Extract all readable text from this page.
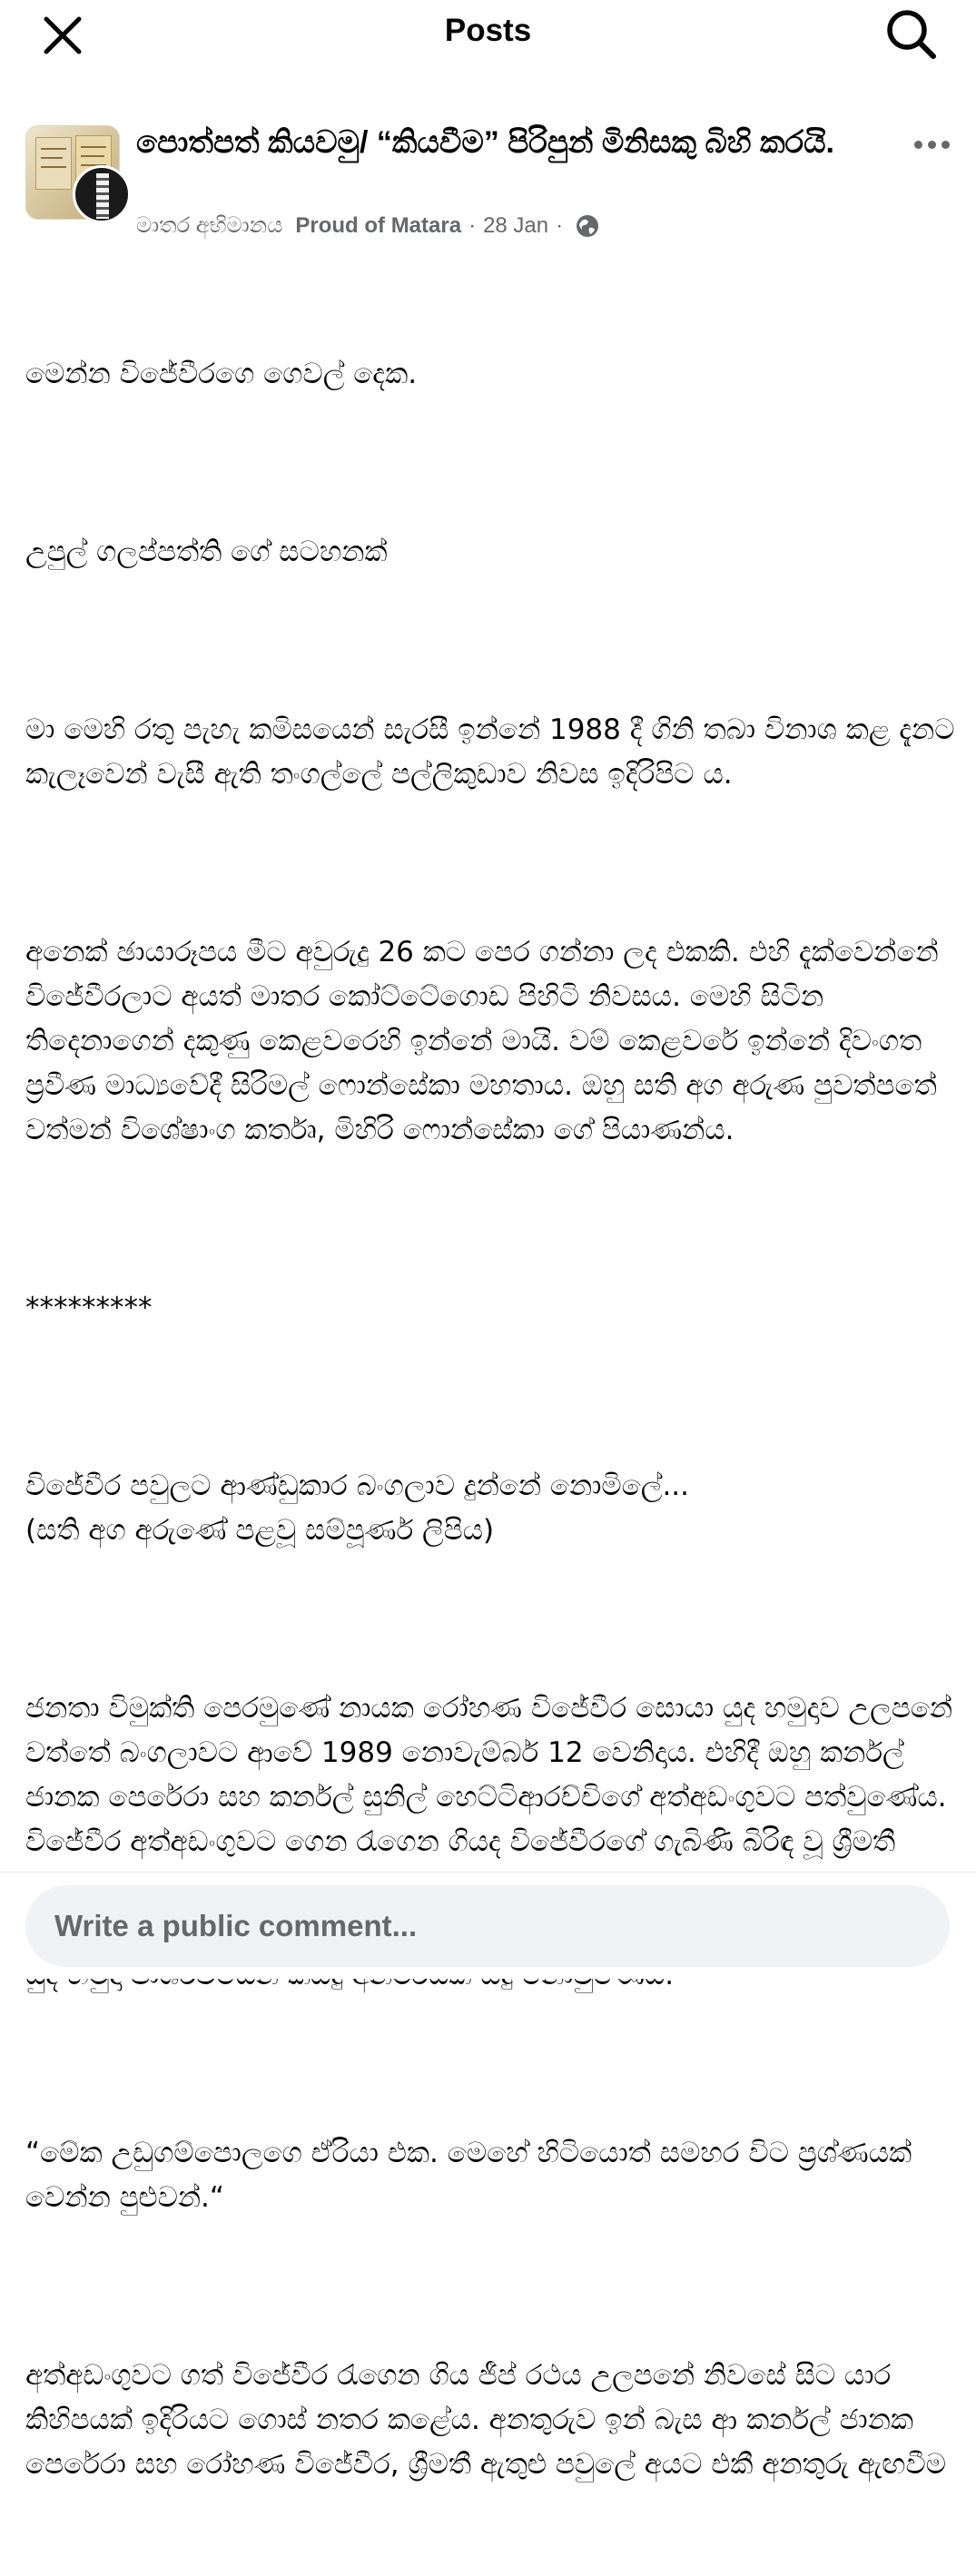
Posts
පොත්පත් කියවමු/ “කියවීම” පිරිපුන් මිනිසකු බිහි කරයි.
මාතර අභිමානය Proud of Matara · 28 Jan ·

මෙන්න විජේවීරගෙ ගෙවල් දෙක.

උපුල් ගලප්පත්ති ගේ සටහනක්

මා මෙහි රතු පැහැ කමිසයෙන් සැරසී ඉන්නේ 1988 දී ගිනි තබා විනාශ කළ දැනට කැලෑවෙන් වැසී ඇති තංගල්ලේ පල්ලිකුඩාව නිවස ඉදිරිපිට ය.

අනෙක් ඡායාරූපය මීට අවුරුදු 26 කට පෙර ගන්නා ලද එකකි. එහි දැක්වෙන්නේ විජේවීරලාට අයත් මාතර කෝට්ටේගොඩ පිහිටි නිවසය. මෙහි සිටින තිදෙනාගෙන් දකුණු කෙළවරෙහි ඉන්නේ මායි. වම් කෙළවරේ ඉන්නේ දිවංගත ප්‍රවීණ මාධ්‍යවේදී සිරිමල් ෆොන්සේකා මහතාය. ඔහු සති අග අරුණ පුවත්පතේ වත්මන් විශේෂාංග කර්තෘ, මිහිරි ෆොන්සේකා ගේ පියාණන්ය.

*********

විජේවීර පවුලට ආණ්ඩුකාර බංගලාව දුන්නේ නොමිලේ...
(සති අග අරුණේ පළවූ සම්පූර්ණ ලිපිය)

ජනතා විමුක්ති පෙරමුණේ නායක රෝහණ විජේවීර සොයා යුද හමුදාව උලපනේ වත්තේ බංගලාවට ආවේ 1989 නොවැම්බර් 12 වෙනිදාය. එහිදී ඔහු කර්නල් ජානක පෙරේරා සහ කර්නල් සුනිල් හෙට්ටිආරච්චිගේ අත්අඩංගුවට පත්වුණේය. විජේවීර අත්අඩංගුවට ගෙන රැගෙන ගියද විජේවීරගේ ගැබිණි බිරිඳ වූ ශ්‍රීමතී

“මේක උඩුගම්පොලගෙ ඒරියා එක. මෙහේ හිටියොත් සමහර විට ප්‍රශ්ණයක් වෙන්න පුළුවන්.“

අත්අඩංගුවට ගත් විජේවීර රැගෙන ගිය ජීප් රථය උලපනේ නිවසේ සිට යාර කිහිපයක් ඉදිරියට ගොස් නතර කළේය. අනතුරුව ඉන් බැස ආ කර්නල් ජානක පෙරේරා සහ රෝහණ විජේවීර, ශ්‍රීමතී ඇතුළු පවුලේ අයට එකී අනතුරු ඇඟවීම

Write a public comment...
